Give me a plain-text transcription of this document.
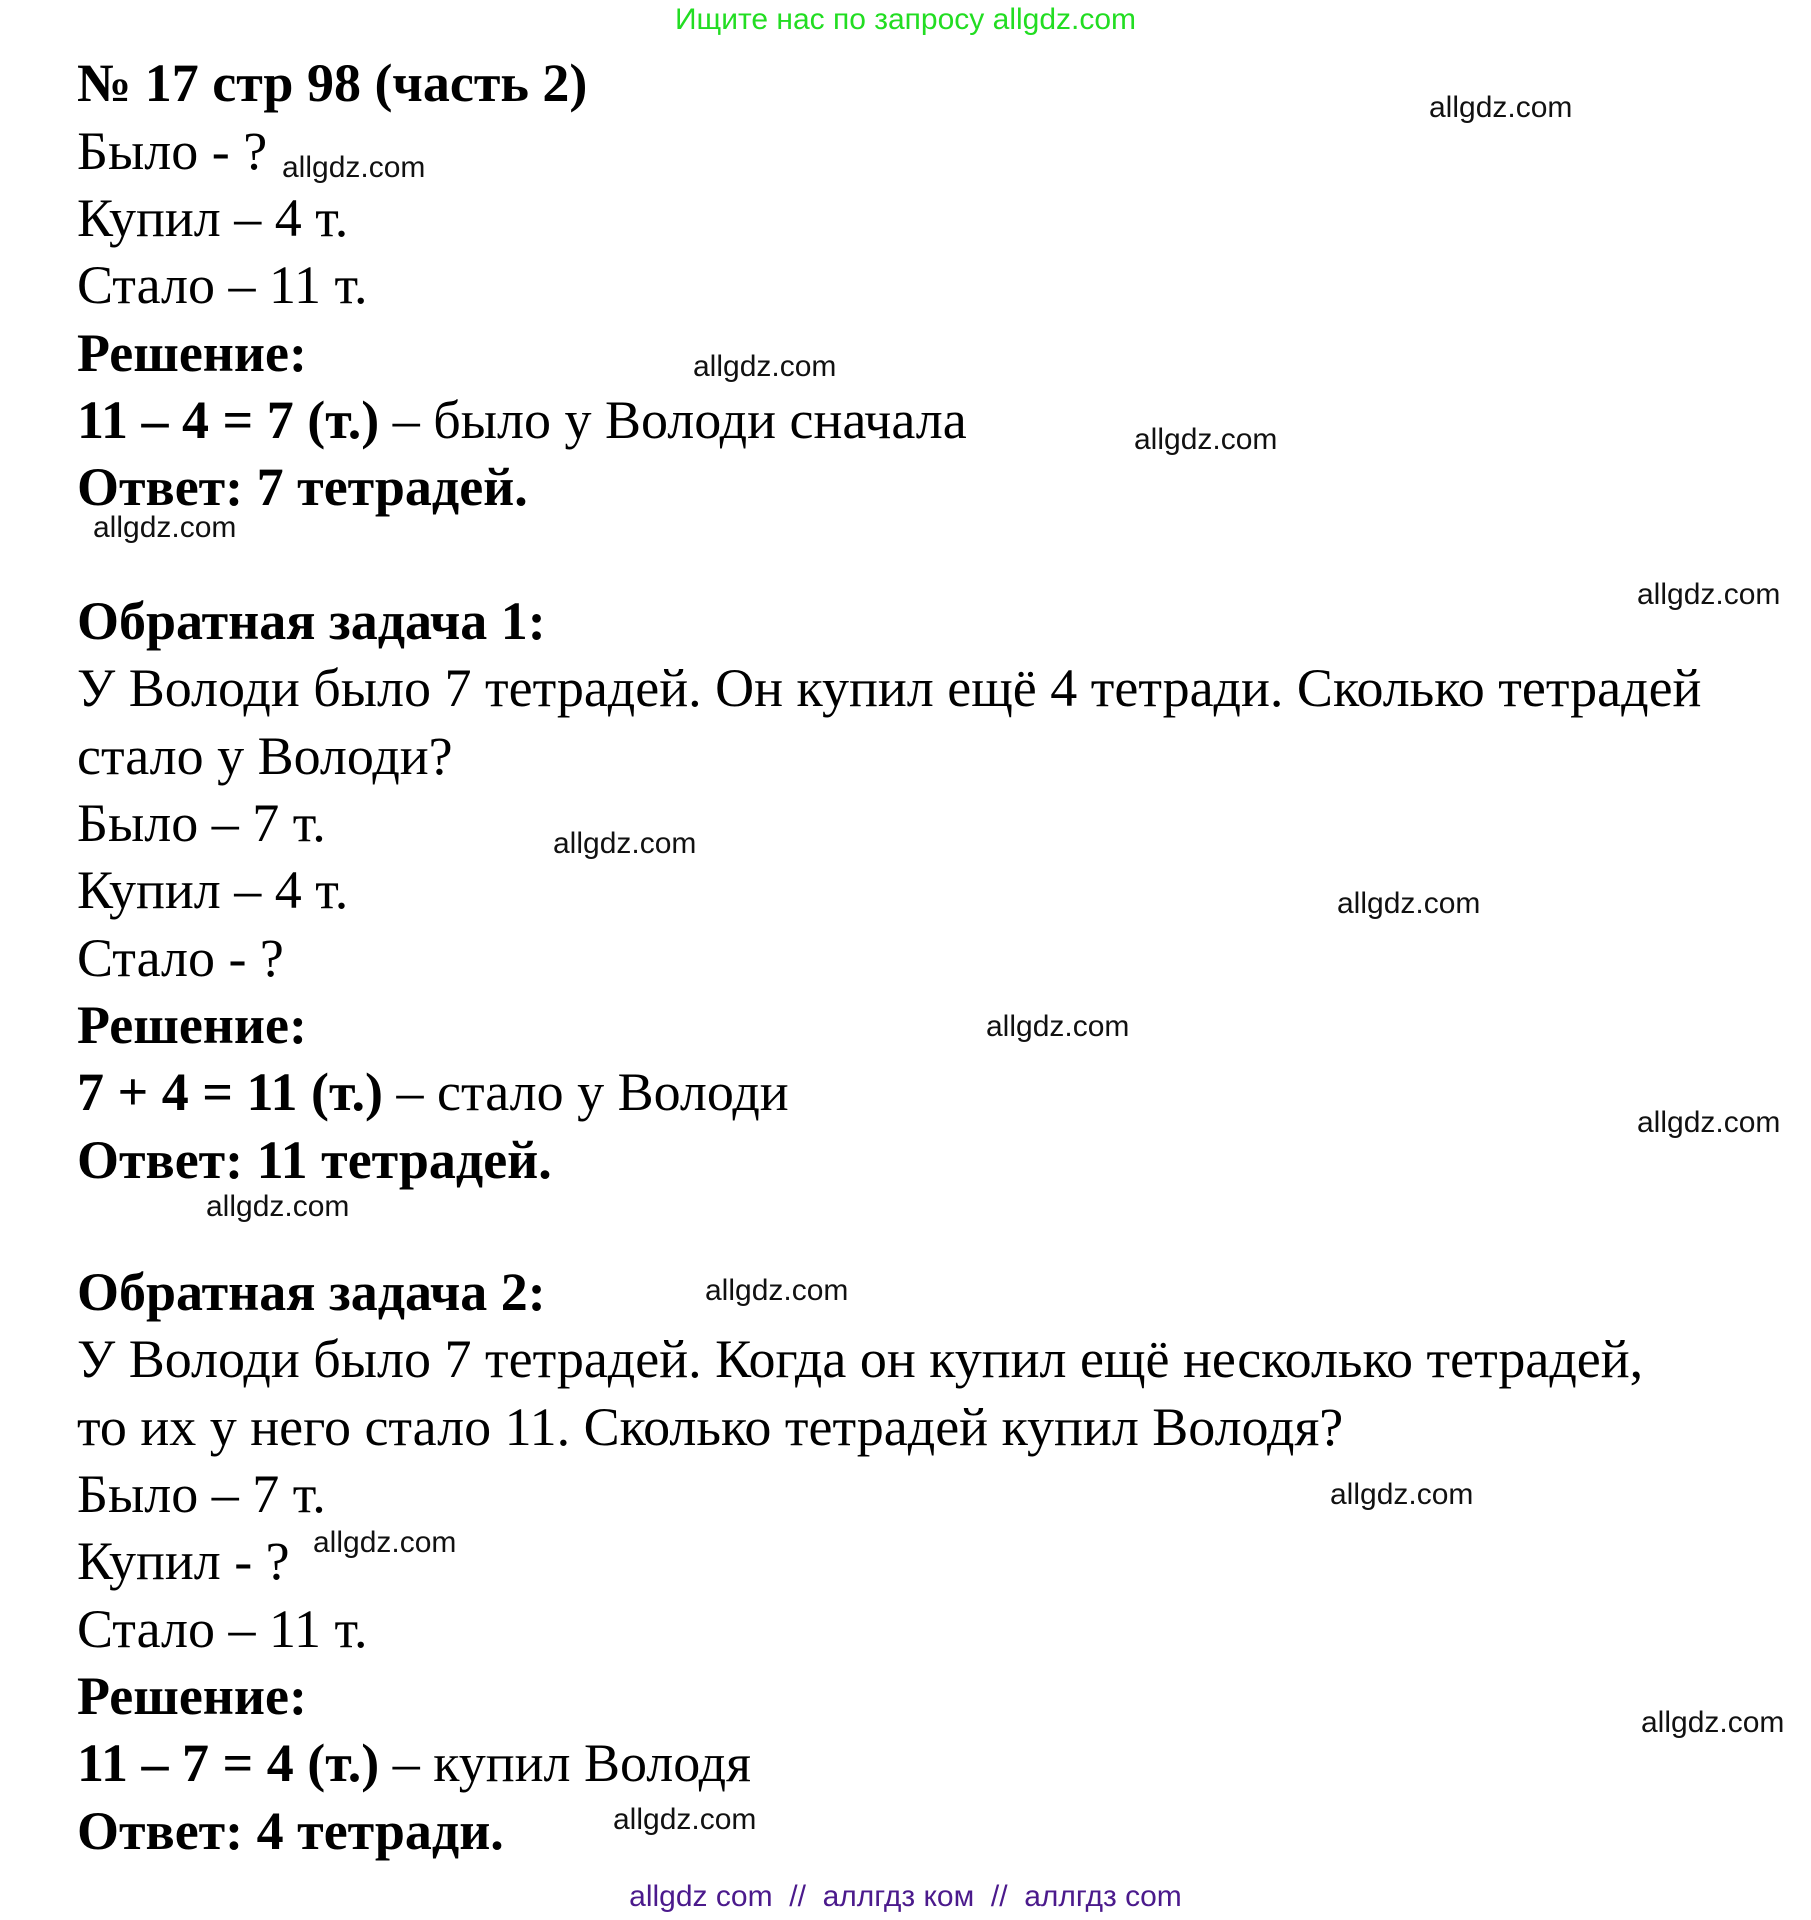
Ищите нас по запросу allgdz.com
№ 17 стр 98 (часть 2)
Было - ?
Купил – 4 т.
Стало – 11 т.
Решение:
11 – 4 = 7 (т.) – было у Володи сначала
Ответ: 7 тетрадей.
Обратная задача 1:
У Володи было 7 тетрадей. Он купил ещё 4 тетради. Сколько тетрадей
стало у Володи?
Было – 7 т.
Купил – 4 т.
Стало - ?
Решение:
7 + 4 = 11 (т.) – стало у Володи
Ответ: 11 тетрадей.
Обратная задача 2:
У Володи было 7 тетрадей. Когда он купил ещё несколько тетрадей,
то их у него стало 11. Сколько тетрадей купил Володя?
Было – 7 т.
Купил - ?
Стало – 11 т.
Решение:
11 – 7 = 4 (т.) – купил Володя
Ответ: 4 тетради.
allgdz.com
allgdz.com
allgdz.com
allgdz.com
allgdz.com
allgdz.com
allgdz.com
allgdz.com
allgdz.com
allgdz.com
allgdz.com
allgdz.com
allgdz.com
allgdz.com
allgdz.com
allgdz.com
allgdz com  //  аллгдз ком  //  аллгдз com
